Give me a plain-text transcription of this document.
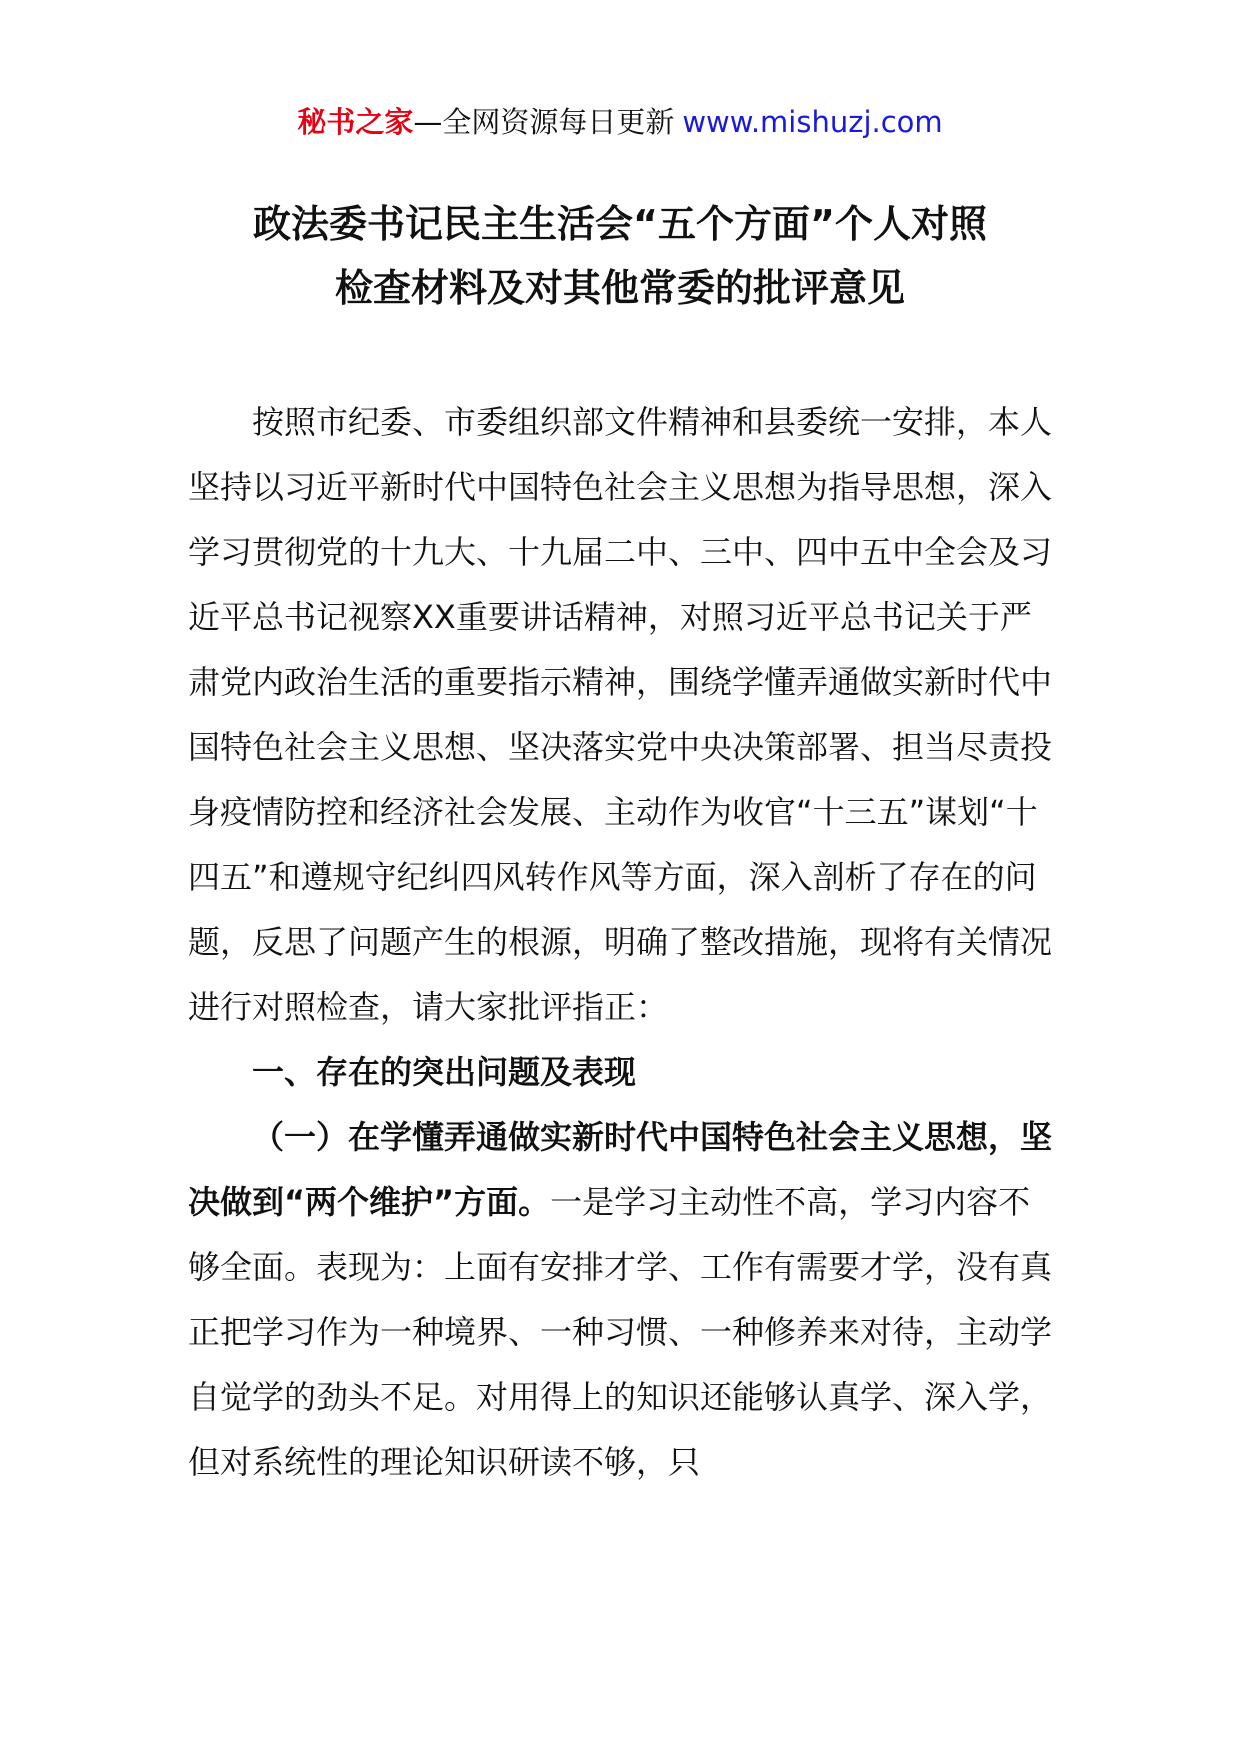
秘书之家—全网资源每日更新 www.mishuzj.com
政法委书记民主生活会“五个方面”个人对照
检查材料及对其他常委的批评意见

按照市纪委、市委组织部文件精神和县委统一安排，本人坚持以习近平新时代中国特色社会主义思想为指导思想，深入学习贯彻党的十九大、十九届二中、三中、四中五中全会及习近平总书记视察XX重要讲话精神，对照习近平总书记关于严肃党内政治生活的重要指示精神，围绕学懂弄通做实新时代中国特色社会主义思想、坚决落实党中央决策部署、担当尽责投身疫情防控和经济社会发展、主动作为收官“十三五”谋划“十四五”和遵规守纪纠四风转作风等方面，深入剖析了存在的问题，反思了问题产生的根源，明确了整改措施，现将有关情况进行对照检查，请大家批评指正：

一、存在的突出问题及表现

（一）在学懂弄通做实新时代中国特色社会主义思想，坚决做到“两个维护”方面。一是学习主动性不高，学习内容不够全面。表现为：上面有安排才学、工作有需要才学，没有真正把学习作为一种境界、一种习惯、一种修养来对待，主动学自觉学的劲头不足。对用得上的知识还能够认真学、深入学，但对系统性的理论知识研读不够，只
